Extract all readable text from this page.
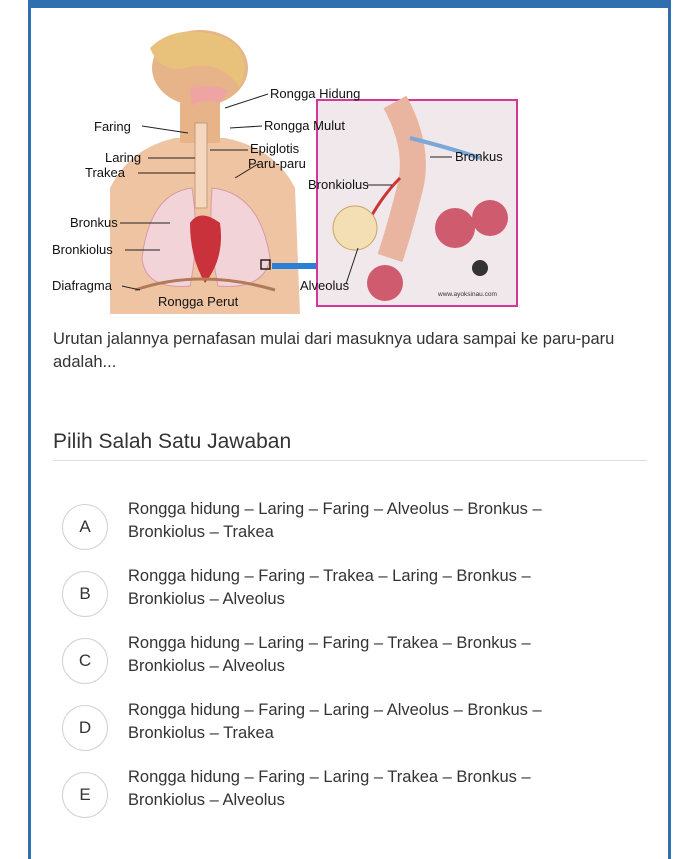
Faring
Laring
Trakea
Bronkus
Bronkiolus
Diafragma
Rongga Hidung
Rongga Mulut
Epiglotis
Paru-paru
Rongga Perut
Bronkus
Bronkiolus
Alveolus
www.ayoksinau.com
Urutan jalannya pernafasan mulai dari masuknya udara sampai ke paru-paru adalah...
Pilih Salah Satu Jawaban
A
Rongga hidung – Laring – Faring – Alveolus – Bronkus – Bronkiolus – Trakea
B
Rongga hidung – Faring – Trakea – Laring – Bronkus – Bronkiolus – Alveolus
C
Rongga hidung – Laring – Faring – Trakea – Bronkus – Bronkiolus – Alveolus
D
Rongga hidung – Faring – Laring – Alveolus – Bronkus – Bronkiolus – Trakea
E
Rongga hidung – Faring – Laring – Trakea – Bronkus – Bronkiolus – Alveolus
